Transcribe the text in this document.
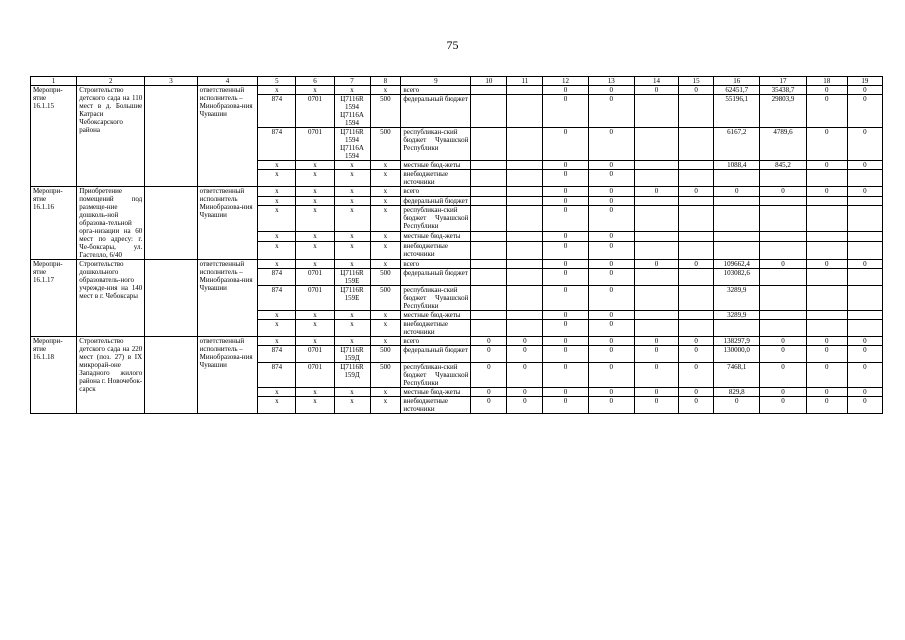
75
1	2	3	4	5	6	7	8	9	10	11	12	13	14	15	16	17	18	19
Меропри-
ятие
16.1.15	Строительство детского сада на 110 мест в д. Большие Катраси Чебоксарского района		ответственный исполнитель – Минобразова-ния Чувашии	x	x	x	x	всего			0	0	0	0	62451,7	35438,7	0	0
				874	0701	Ц7116R
1594
Ц7116А
1594	500	федеральный бюджет			0	0			55196,1	29803,9	0	0
				874	0701	Ц7116R
1594
Ц7116А
1594	500	республикан-ский бюджет Чувашской Республики			0	0			6167,2	4789,6	0	0
				x	x	x	x	местные бюд-жеты			0	0			1088,4	845,2	0	0
				x	x	x	x	внебюджетные источники			0	0						
Меропри-
ятие
16.1.16	Приобретение помещений под размеще-ние дошколь-ной образова-тельной орга-низации на 60 мест по адресу: г. Че-боксары, ул. Гастелло, 6/40		ответственный исполнитель Минобразова-ния Чувашии	x	x	x	x	всего			0	0	0	0	0	0	0	0
				x	x	x	x	федеральный бюджет			0	0						
				x	x	x	x	республикан-ский бюджет Чувашской Республики			0	0						
				x	x	x	x	местные бюд-жеты			0	0						
				x	x	x	x	внебюджетные источники			0	0						
Меропри-
ятие
16.1.17	Строительство дошкольного образователь-ного учрежде-ния на 140 мест в г. Чебоксары		ответственный исполнитель – Минобразова-ния Чувашии	x	x	x	x	всего			0	0	0	0	109662,4	0	0	0
				874	0701	Ц7116R
159Е	500	федеральный бюджет			0	0			103082,6			
				874	0701	Ц7116R
159Е	500	республикан-ский бюджет Чувашской Республики			0	0			3289,9			
				x	x	x	x	местные бюд-жеты			0	0			3289,9			
				x	x	x	x	внебюджетные источники			0	0						
Меропри-
ятие
16.1.18	Строительство детского сада на 220 мест (поз. 27) в IX микрорай-оне Западного жилого района г. Новочебок-сарск		ответственный исполнитель – Минобразова-ния Чувашии	x	x	x	x	всего	0	0	0	0	0	0	138297,9	0	0	0
				874	0701	Ц7116R
159Д	500	федеральный бюджет	0	0	0	0	0	0	130000,0	0	0	0
				874	0701	Ц7116R
159Д	500	республикан-ский бюджет Чувашской Республики	0	0	0	0	0	0	7468,1	0	0	0
				x	x	x	x	местные бюд-жеты	0	0	0	0	0	0	829,8	0	0	0
				x	x	x	x	внебюджетные источники	0	0	0	0	0	0	0	0	0	0
